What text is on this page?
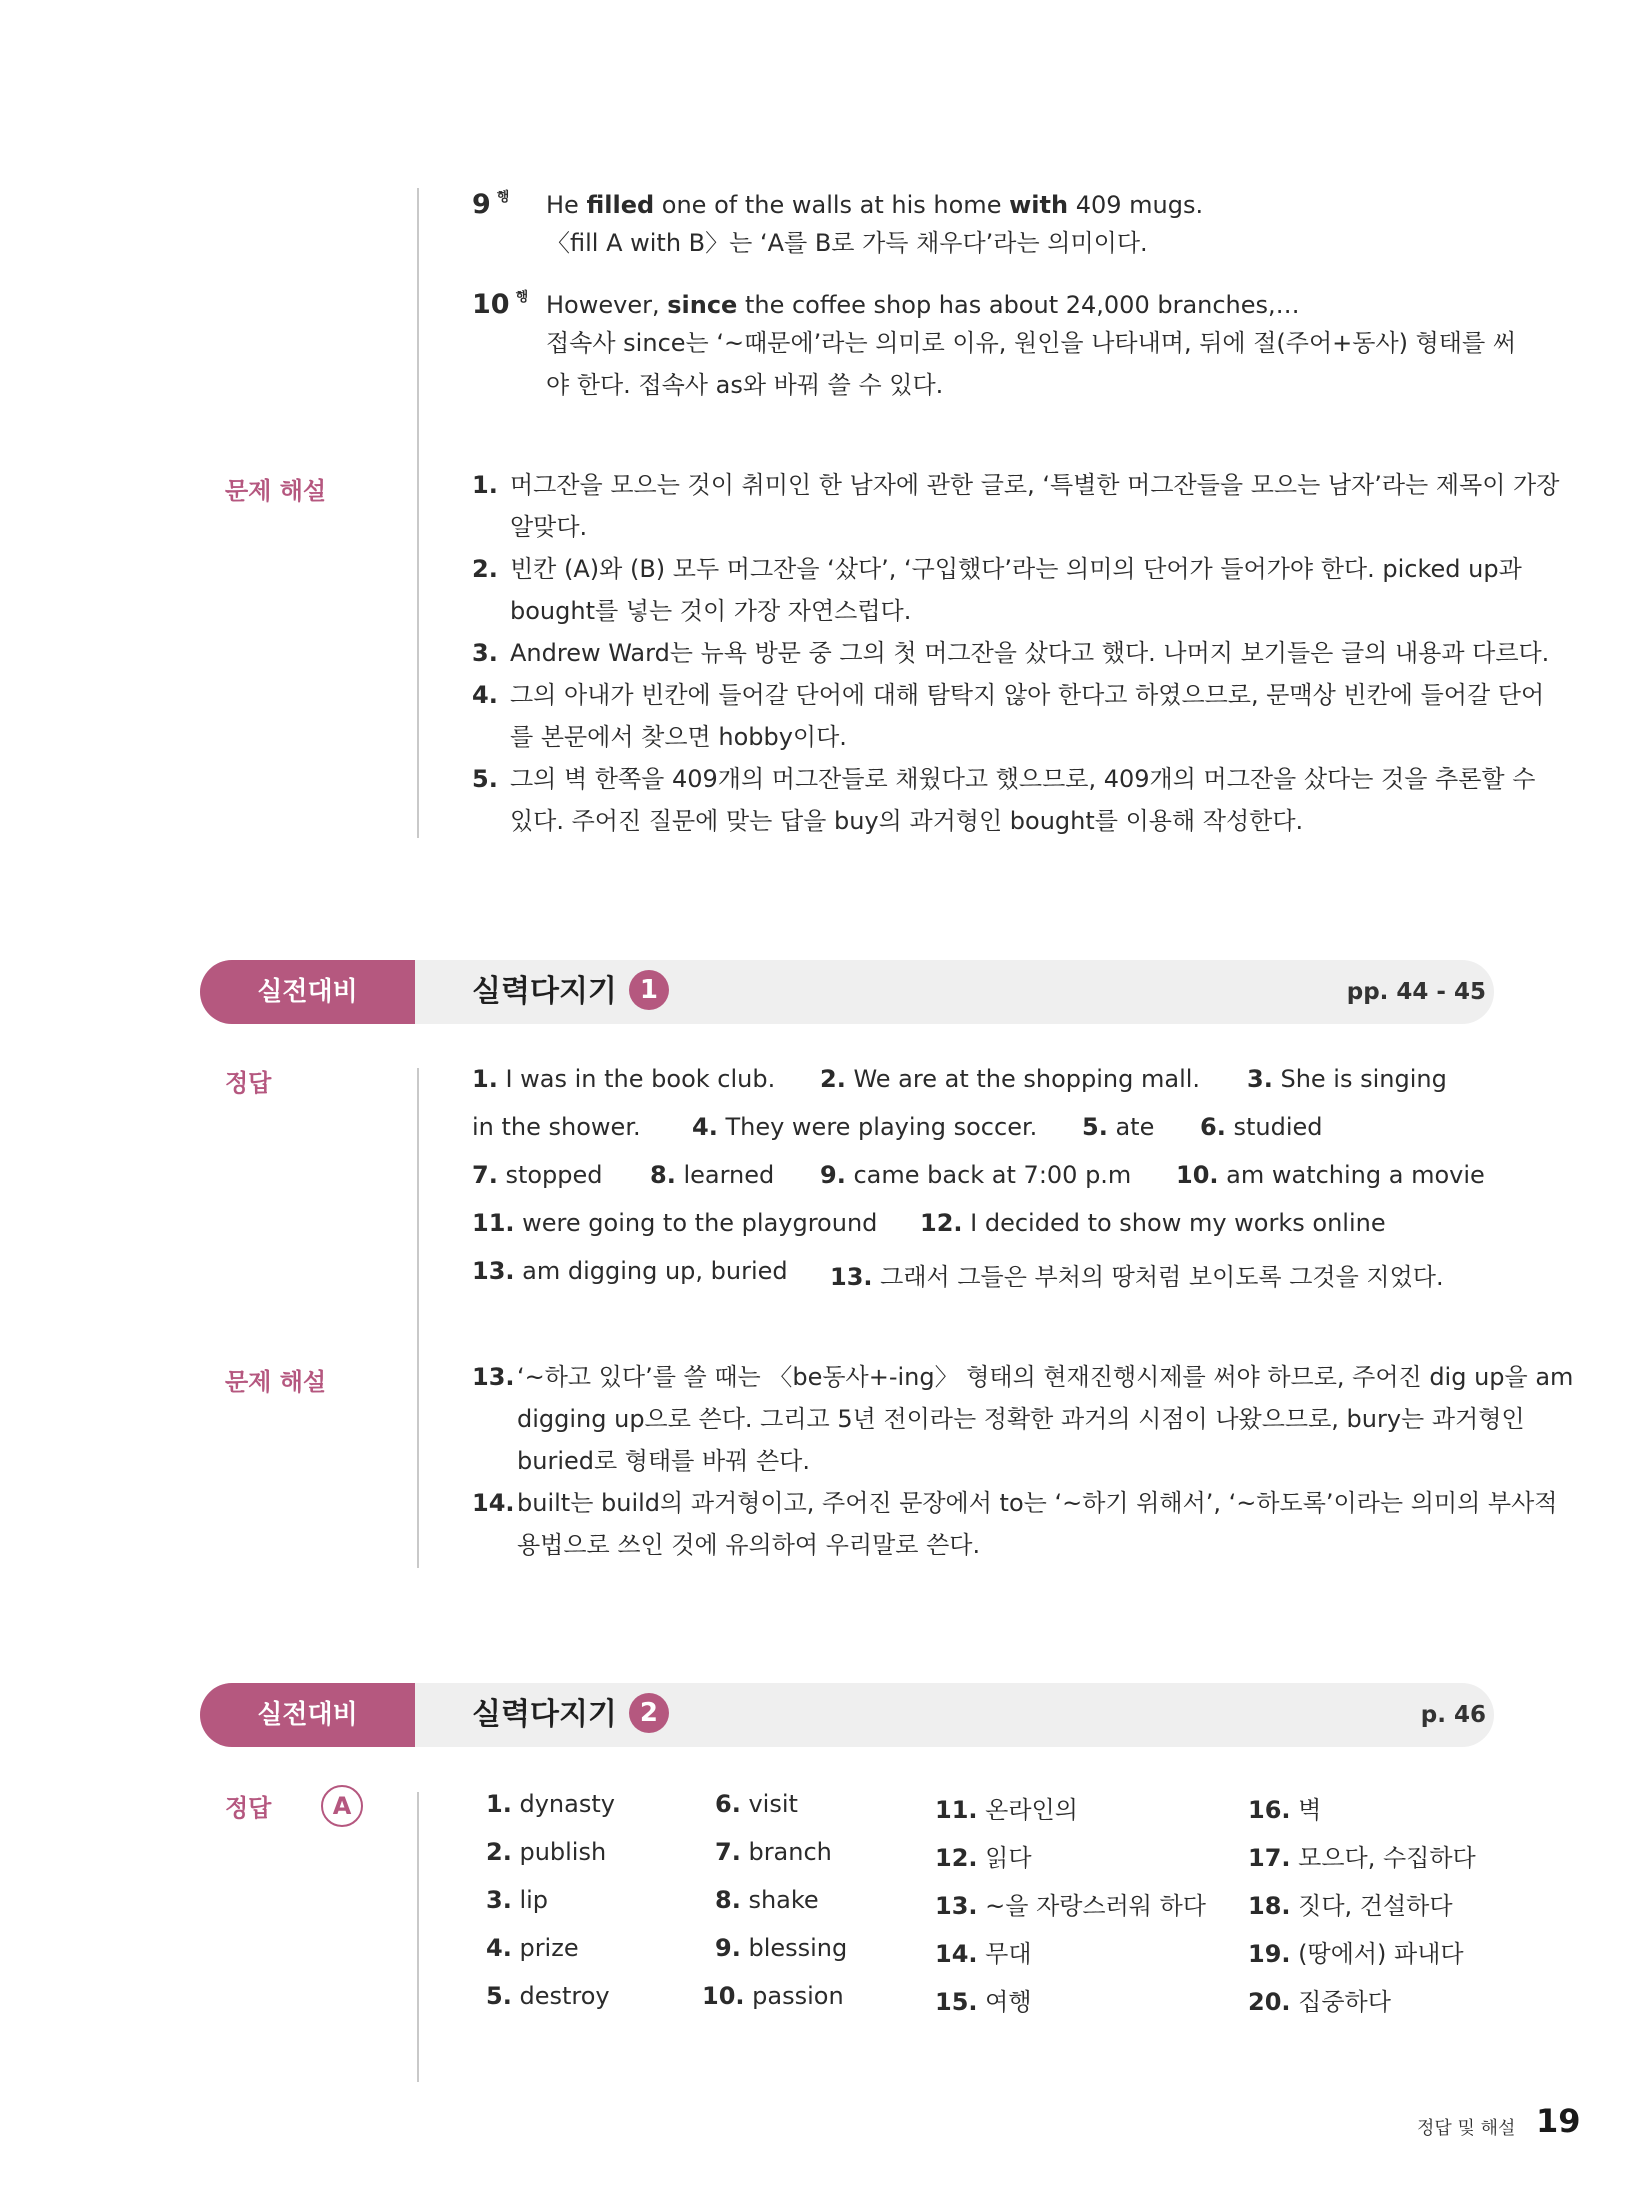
9 $^행$ He filled one of the walls at his home with 409 mugs.
〈fill A with B〉는 ‘A를 B로 가득 채우다’라는 의미이다.
10 $^행$ However, since the coffee shop has about 24,000 branches,…
접속사 since는 ‘~때문에’라는 의미로 이유, 원인을 나타내며, 뒤에 절(주어+동사) 형태를 써
야 한다. 접속사 as와 바꿔 쓸 수 있다.
문제 해설	1. 머그잔을 모으는 것이 취미인 한 남자에 관한 글로, ‘특별한 머그잔들을 모으는 남자’라는 제목이 가장
알맞다.
2. 빈칸 (A)와 (B) 모두 머그잔을 ‘샀다’, ‘구입했다’라는 의미의 단어가 들어가야 한다. picked up과
bought를 넣는 것이 가장 자연스럽다.
3. Andrew Ward는 뉴욕 방문 중 그의 첫 머그잔을 샀다고 했다. 나머지 보기들은 글의 내용과 다르다.
4. 그의 아내가 빈칸에 들어갈 단어에 대해 탐탁지 않아 한다고 하였으므로, 문맥상 빈칸에 들어갈 단어
를 본문에서 찾으면 hobby이다.
5. 그의 벽 한쪽을 409개의 머그잔들로 채웠다고 했으므로, 409개의 머그잔을 샀다는 것을 추론할 수
있다. 주어진 질문에 맞는 답을 buy의 과거형인 bought를 이용해 작성한다.
실전대비	실력다지기 1	pp. 44 - 45
정답	1. I was in the book club. 2. We are at the shopping mall. 3. She is singing
in the shower. 4. They were playing soccer. 5. ate 6. studied
7. stopped 8. learned 9. came back at 7:00 p.m 10. am watching a movie
11. were going to the playground 12. I decided to show my works online
13. am digging up, buried 13. 그래서 그들은 부처의 땅처럼 보이도록 그것을 지었다.
문제 해설	13. ‘~하고 있다’를 쓸 때는 〈be동사+-ing〉 형태의 현재진행시제를 써야 하므로, 주어진 dig up을 am
digging up으로 쓴다. 그리고 5년 전이라는 정확한 과거의 시점이 나왔으므로, bury는 과거형인
buried로 형태를 바꿔 쓴다.
14. built는 build의 과거형이고, 주어진 문장에서 to는 ‘~하기 위해서’, ‘~하도록’이라는 의미의 부사적
용법으로 쓰인 것에 유의하여 우리말로 쓴다.
실전대비	실력다지기 2	p. 46
정답	A	1. dynasty
2. publish
3. lip
4. prize
5. destroy
6. visit
7. branch
8. shake
9. blessing
10. passion
11. 온라인의
12. 읽다
13. ~을 자랑스러워 하다
14. 무대
15. 여행
16. 벽
17. 모으다, 수집하다
18. 짓다, 건설하다
19. (땅에서) 파내다
20. 집중하다
정답 및 해설 19
